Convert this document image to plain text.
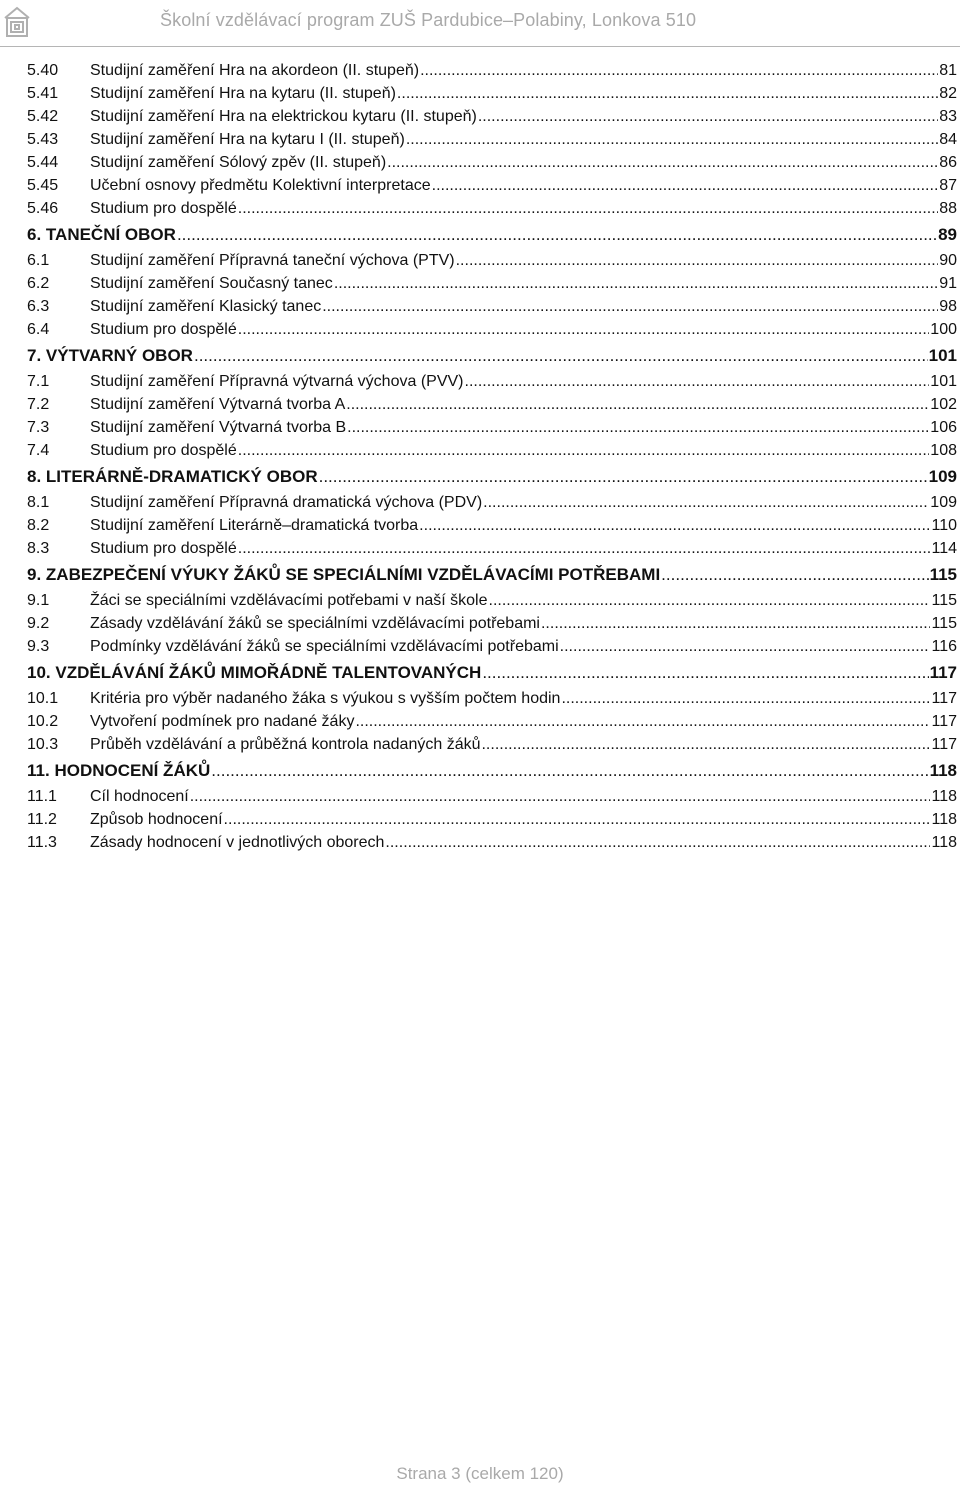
Školní vzdělávací program ZUŠ Pardubice–Polabiny, Lonkova 510
5.40 Studijní zaměření Hra na akordeon (II. stupeň) .....	81
5.41 Studijní zaměření Hra na kytaru (II. stupeň) .....	82
5.42 Studijní zaměření Hra na elektrickou kytaru (II. stupeň) .....	83
5.43 Studijní zaměření Hra na kytaru I (II. stupeň) .....	84
5.44 Studijní zaměření Sólový zpěv (II. stupeň) .....	86
5.45 Učební osnovy předmětu Kolektivní interpretace .....	87
5.46 Studium pro dospělé .....	88
6. TANEČNÍ OBOR .....	89
6.1	Studijní zaměření Přípravná taneční výchova (PTV) .....	90
6.2	Studijní zaměření Současný tanec .....	91
6.3	Studijní zaměření Klasický tanec .....	98
6.4	Studium pro dospělé .....	100
7. VÝTVARNÝ OBOR .....	101
7.1	Studijní zaměření Přípravná výtvarná výchova (PVV) .....	101
7.2	Studijní zaměření Výtvarná tvorba A .....	102
7.3	Studijní zaměření Výtvarná tvorba B .....	106
7.4	Studium pro dospělé .....	108
8. LITERÁRNĚ-DRAMATICKÝ OBOR .....	109
8.1	Studijní zaměření Přípravná dramatická výchova (PDV) .....	109
8.2	Studijní zaměření Literárně–dramatická tvorba .....	110
8.3	Studium pro dospělé .....	114
9. ZABEZPEČENÍ VÝUKY ŽÁKŮ SE SPECIÁLNÍMI VZDĚLÁVACÍMI POTŘEBAMI .....	115
9.1	Žáci se speciálními vzdělávacími potřebami v naší škole .....	115
9.2	Zásady vzdělávání žáků se speciálními vzdělávacími potřebami .....	115
9.3	Podmínky vzdělávání žáků se speciálními vzdělávacími potřebami .....	116
10. VZDĚLÁVÁNÍ ŽÁKŮ MIMOŘÁDNĚ TALENTOVANÝCH .....	117
10.1 Kritéria pro výběr nadaného žáka s výukou s vyšším počtem hodin .....	117
10.2 Vytvoření podmínek pro nadané žáky .....	117
10.3 Průběh vzdělávání a průběžná kontrola nadaných žáků .....	117
11. HODNOCENÍ ŽÁKŮ .....	118
11.1 Cíl hodnocení .....	118
11.2 Způsob hodnocení .....	118
11.3 Zásady hodnocení v jednotlivých oborech .....	118
Strana 3 (celkem 120)
